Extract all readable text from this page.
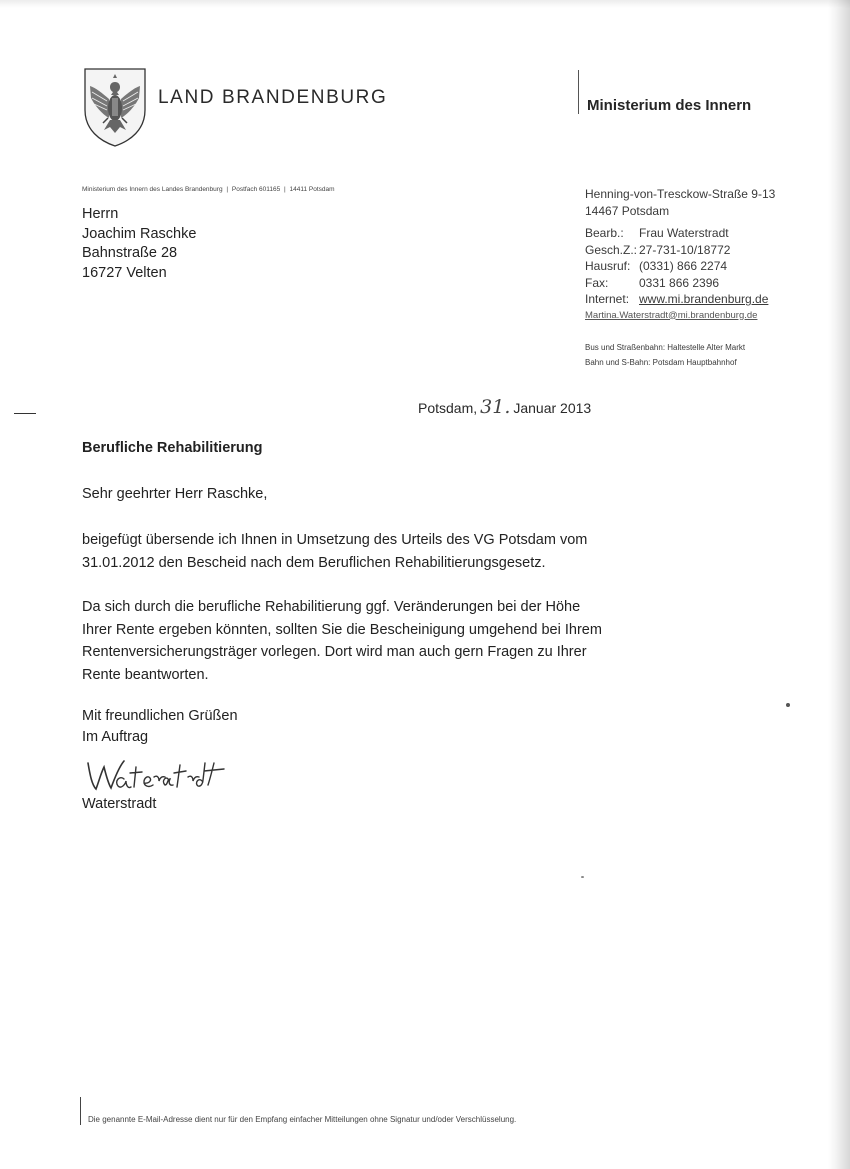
LAND BRANDENBURG	Ministerium des Innern
Ministerium des Innern des Landes Brandenburg | Postfach 601165 | 14411 Potsdam
Herrn
Joachim Raschke
Bahnstraße 28
16727 Velten
Henning-von-Tresckow-Straße 9-13
14467 Potsdam
Bearb.:	Frau Waterstradt
Gesch.Z.: 27-731-10/18772
Hausruf: (0331) 866 2274
Fax:	0331 866 2396
Internet: www.mi.brandenburg.de
Martina.Waterstradt@mi.brandenburg.de
Bus und Straßenbahn: Haltestelle Alter Markt
Bahn und S-Bahn: Potsdam Hauptbahnhof
Potsdam, 31. Januar 2013
Berufliche Rehabilitierung
Sehr geehrter Herr Raschke,
beigefügt übersende ich Ihnen in Umsetzung des Urteils des VG Potsdam vom
31.01.2012 den Bescheid nach dem Beruflichen Rehabilitierungsgesetz.
Da sich durch die berufliche Rehabilitierung ggf. Veränderungen bei der Höhe
Ihrer Rente ergeben könnten, sollten Sie die Bescheinigung umgehend bei Ihrem
Rentenversicherungsträger vorlegen. Dort wird man auch gern Fragen zu Ihrer
Rente beantworten.
Mit freundlichen Grüßen
Im Auftrag
Waterstradt
Die genannte E-Mail-Adresse dient nur für den Empfang einfacher Mitteilungen ohne Signatur und/oder Verschlüsselung.
